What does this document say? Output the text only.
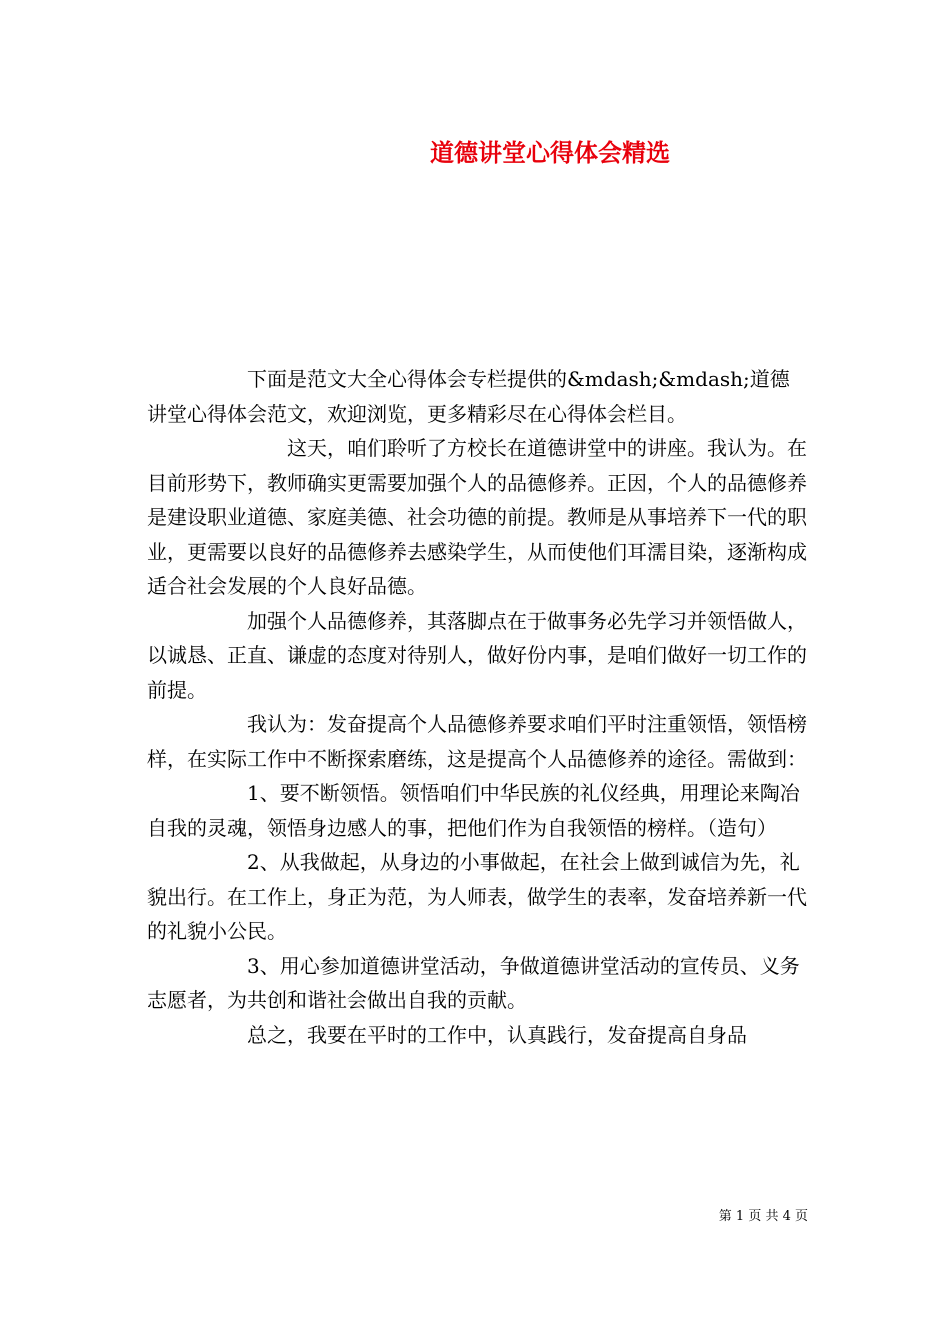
道德讲堂心得体会精选

下面是范文大全心得体会专栏提供的&mdash;&mdash;道德讲堂心得体会范文，欢迎浏览，更多精彩尽在心得体会栏目。

这天，咱们聆听了方校长在道德讲堂中的讲座。我认为。在目前形势下，教师确实更需要加强个人的品德修养。正因，个人的品德修养是建设职业道德、家庭美德、社会功德的前提。教师是从事培养下一代的职业，更需要以良好的品德修养去感染学生，从而使他们耳濡目染，逐渐构成适合社会发展的个人良好品德。

加强个人品德修养，其落脚点在于做事务必先学习并领悟做人，以诚恳、正直、谦虚的态度对待别人，做好份内事，是咱们做好一切工作的前提。

我认为：发奋提高个人品德修养要求咱们平时注重领悟，领悟榜样，在实际工作中不断探索磨练，这是提高个人品德修养的途径。需做到：

1、要不断领悟。领悟咱们中华民族的礼仪经典，用理论来陶冶自我的灵魂，领悟身边感人的事，把他们作为自我领悟的榜样。（造句）

2、从我做起，从身边的小事做起，在社会上做到诚信为先，礼貌出行。在工作上，身正为范，为人师表，做学生的表率，发奋培养新一代的礼貌小公民。

3、用心参加道德讲堂活动，争做道德讲堂活动的宣传员、义务志愿者，为共创和谐社会做出自我的贡献。

总之，我要在平时的工作中，认真践行，发奋提高自身品

第 1 页 共 4 页
